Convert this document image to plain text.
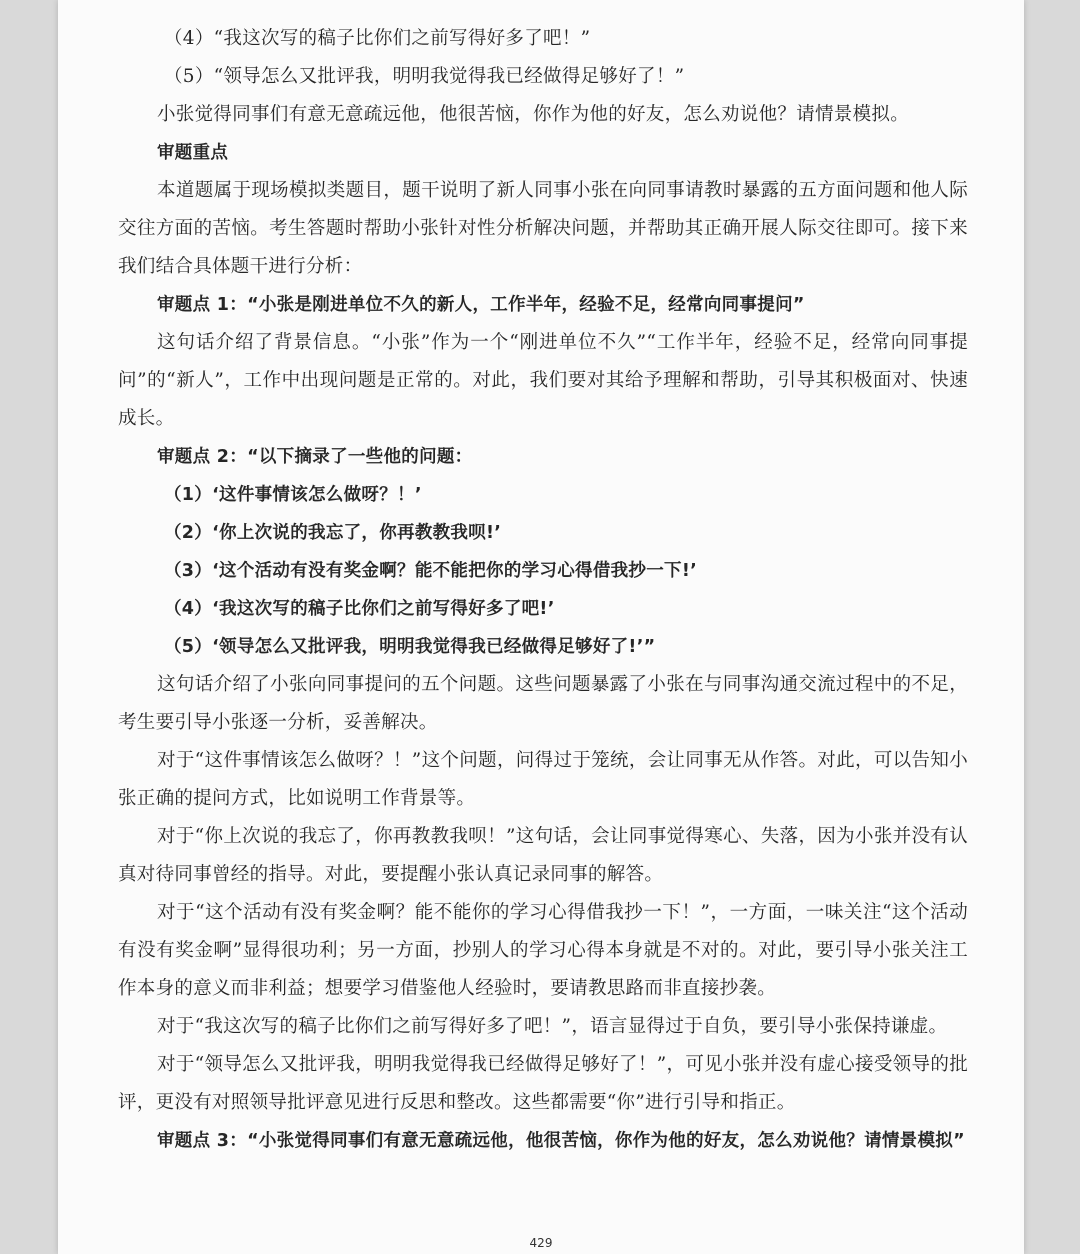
（4）“我这次写的稿子比你们之前写得好多了吧！”
（5）“领导怎么又批评我，明明我觉得我已经做得足够好了！”
小张觉得同事们有意无意疏远他，他很苦恼，你作为他的好友，怎么劝说他？请情景模拟。
审题重点
本道题属于现场模拟类题目，题干说明了新人同事小张在向同事请教时暴露的五方面问题和他人际交往方面的苦恼。考生答题时帮助小张针对性分析解决问题，并帮助其正确开展人际交往即可。接下来我们结合具体题干进行分析：
审题点 1：“小张是刚进单位不久的新人，工作半年，经验不足，经常向同事提问”
这句话介绍了背景信息。“小张”作为一个“刚进单位不久”“工作半年，经验不足，经常向同事提问”的“新人”，工作中出现问题是正常的。对此，我们要对其给予理解和帮助，引导其积极面对、快速成长。
审题点 2：“以下摘录了一些他的问题：
（1）‘这件事情该怎么做呀？！’
（2）‘你上次说的我忘了，你再教教我呗!’
（3）‘这个活动有没有奖金啊？能不能把你的学习心得借我抄一下!’
（4）‘我这次写的稿子比你们之前写得好多了吧!’
（5）‘领导怎么又批评我，明明我觉得我已经做得足够好了!’”
这句话介绍了小张向同事提问的五个问题。这些问题暴露了小张在与同事沟通交流过程中的不足，考生要引导小张逐一分析，妥善解决。
对于“这件事情该怎么做呀？！”这个问题，问得过于笼统，会让同事无从作答。对此，可以告知小张正确的提问方式，比如说明工作背景等。
对于“你上次说的我忘了，你再教教我呗！”这句话，会让同事觉得寒心、失落，因为小张并没有认真对待同事曾经的指导。对此，要提醒小张认真记录同事的解答。
对于“这个活动有没有奖金啊？能不能你的学习心得借我抄一下！”，一方面，一味关注“这个活动有没有奖金啊”显得很功利；另一方面，抄别人的学习心得本身就是不对的。对此，要引导小张关注工作本身的意义而非利益；想要学习借鉴他人经验时，要请教思路而非直接抄袭。
对于“我这次写的稿子比你们之前写得好多了吧！”，语言显得过于自负，要引导小张保持谦虚。
对于“领导怎么又批评我，明明我觉得我已经做得足够好了！”，可见小张并没有虚心接受领导的批评，更没有对照领导批评意见进行反思和整改。这些都需要“你”进行引导和指正。
审题点 3：“小张觉得同事们有意无意疏远他，他很苦恼，你作为他的好友，怎么劝说他？请情景模拟”
429
